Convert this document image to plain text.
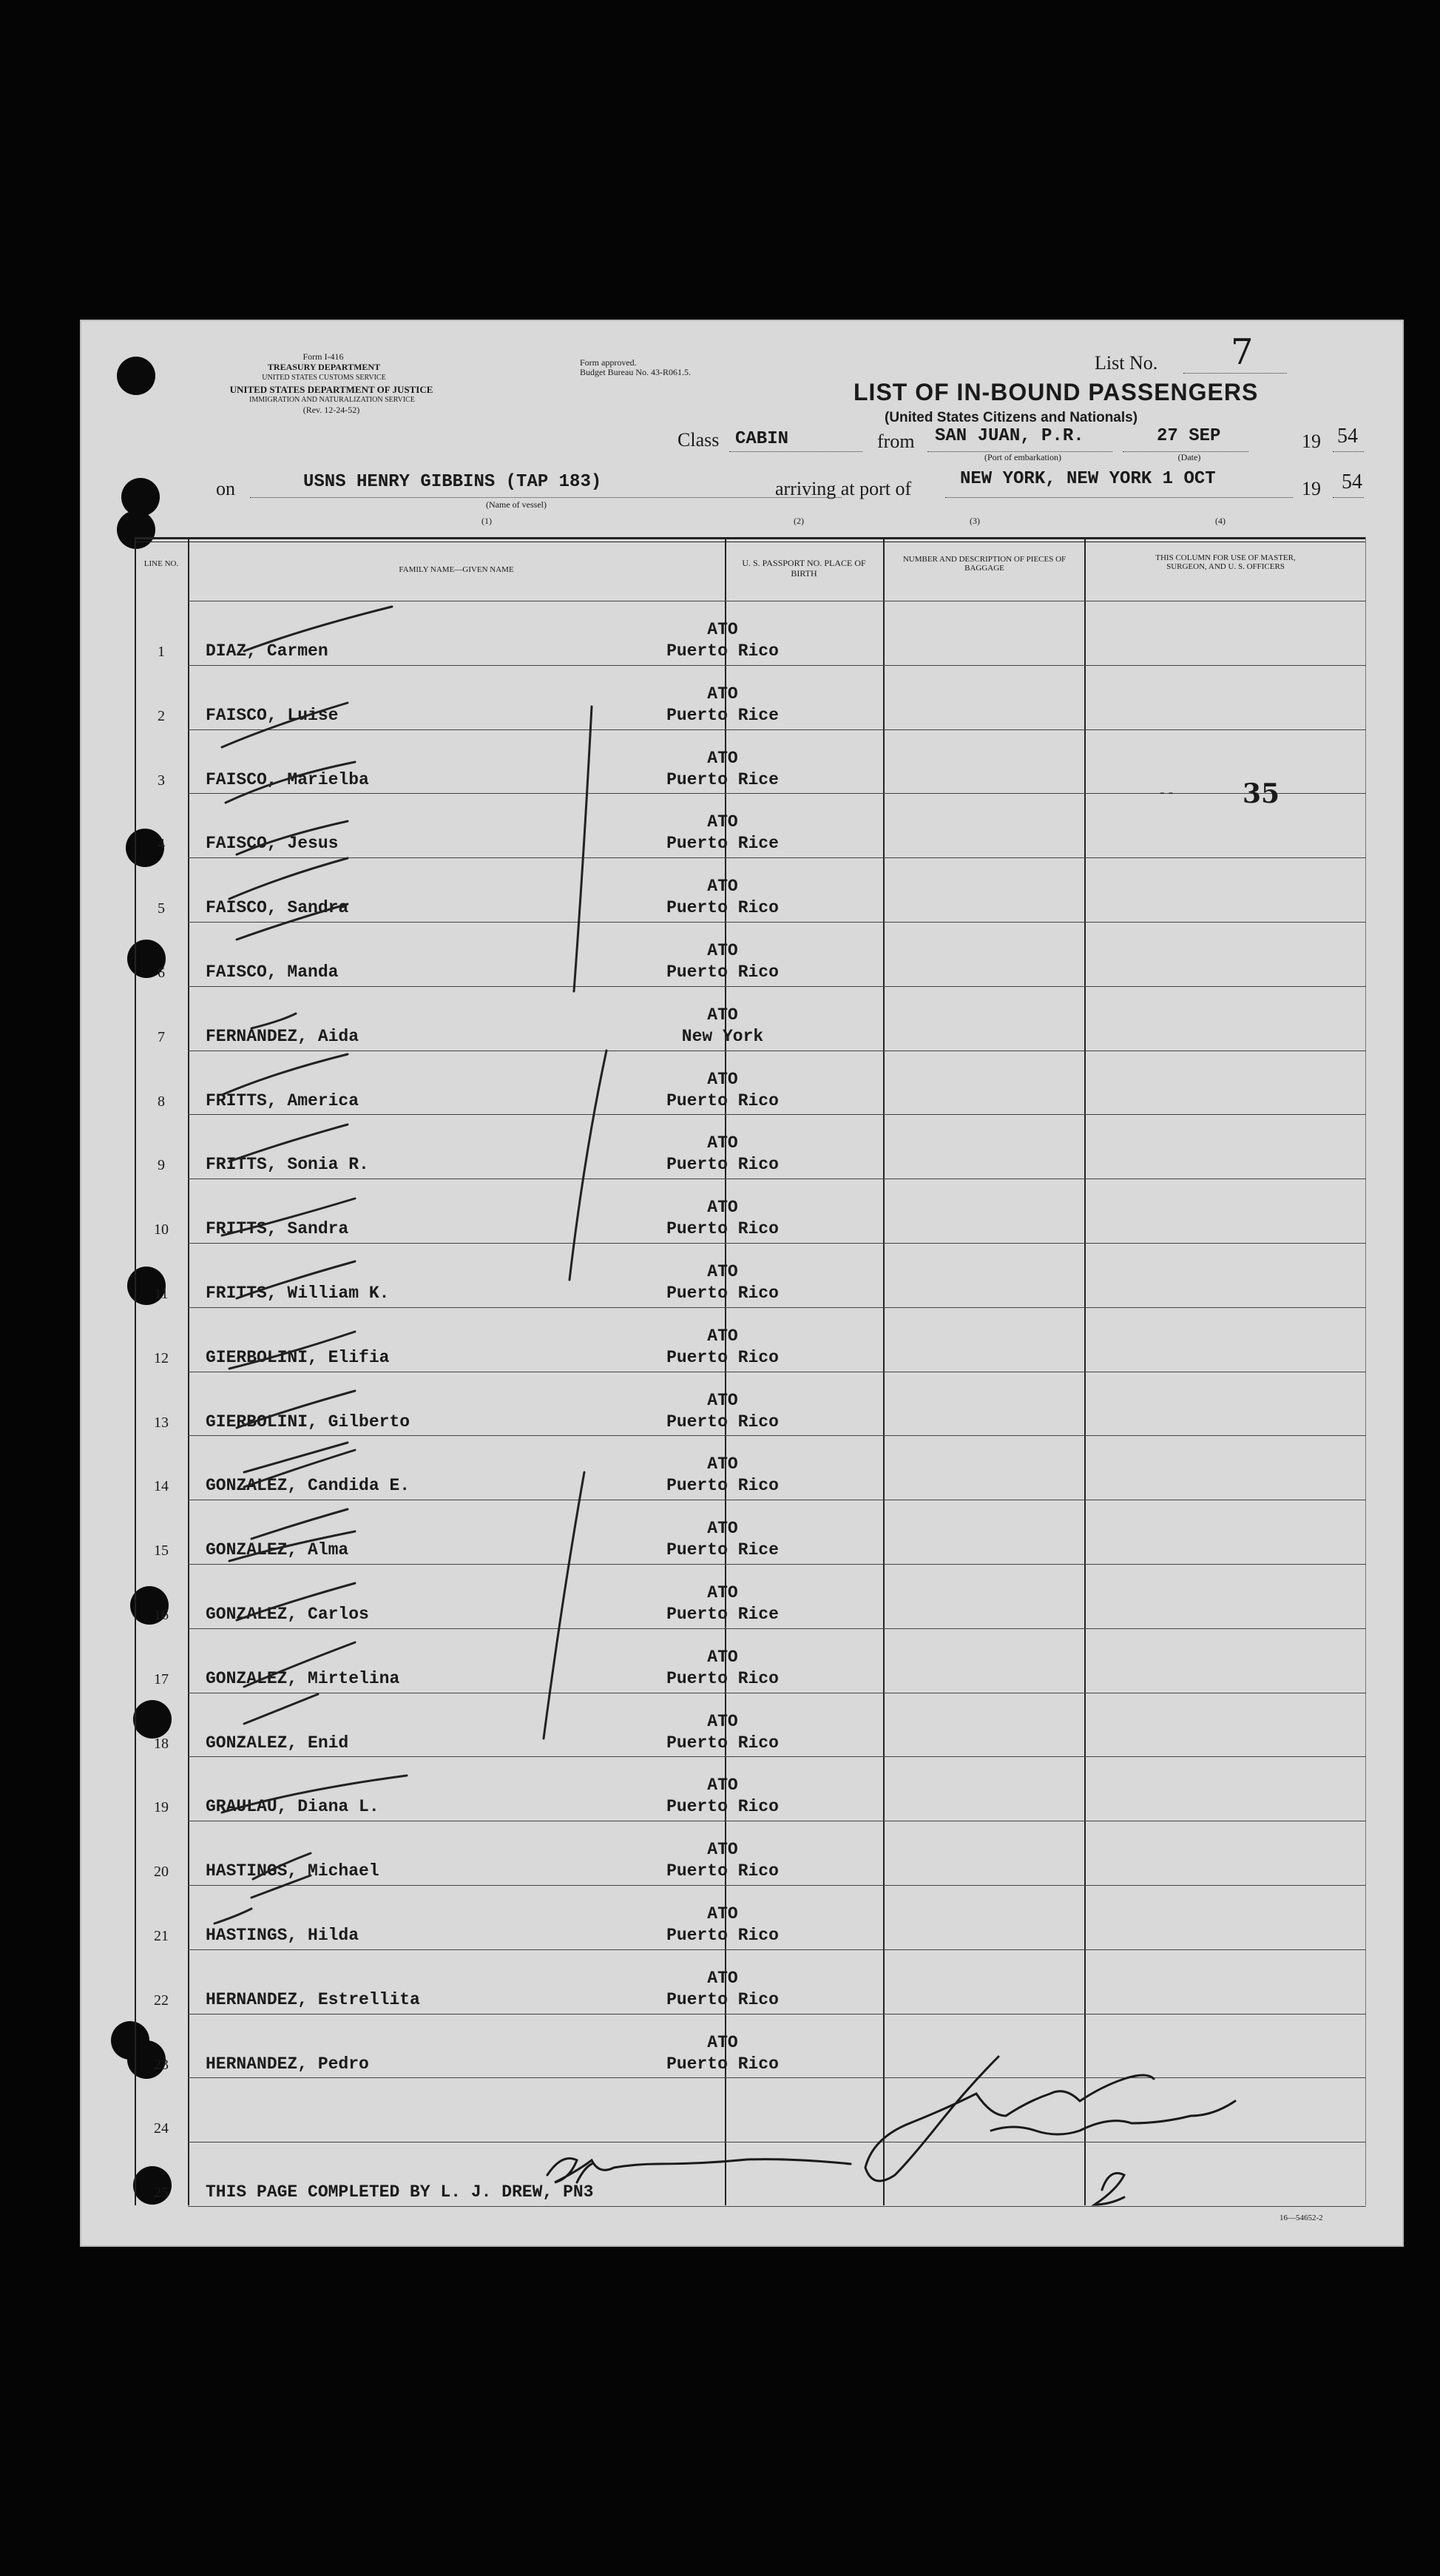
Form I-416
TREASURY DEPARTMENT
UNITED STATES CUSTOMS SERVICE
UNITED STATES DEPARTMENT OF JUSTICE
IMMIGRATION AND NATURALIZATION SERVICE
(Rev. 12-24-52)
Form approved.
Budget Bureau No. 43-R061.5.	List No. 7
LIST OF IN-BOUND PASSENGERS
(United States Citizens and Nationals)
Class CABIN	from SAN JUAN, P.R.
(Port of embarkation)
27 SEP
(Date)
19 54
on	USNS HENRY GIBBINS (TAP 183)
(Name of vessel)
arriving at port of	NEW YORK, NEW YORK 1 OCT	19 54
(1)	(2)	(3)	(4)
16—54652-2
LINE NO.
FAMILY NAME—GIVEN NAME
U. S. PASSPORT NO. PLACE OF BIRTH
NUMBER AND DESCRIPTION OF PIECES OF BAGGAGE
THIS COLUMN FOR USE OF MASTER, SURGEON, AND U. S. OFFICERS
1	DIAZ, Carmen
ATO
Puerto Rico
2	FAISCO, Luise
ATO
Puerto Rice
3	FAISCO, Marielba
ATO
Puerto Rice
4	FAISCO, Jesus
ATO
Puerto Rice
5	FAISCO, Sandra
ATO
Puerto Rico
6	FAISCO, Manda
ATO
Puerto Rico
7	FERNANDEZ, Aida
ATO
New York
8	FRITTS, America
ATO
Puerto Rico
9	FRITTS, Sonia R.
ATO
Puerto Rico
10	FRITTS, Sandra
ATO
Puerto Rico
11	FRITTS, William K.
ATO
Puerto Rico
12	GIERBOLINI, Elifia
ATO
Puerto Rico
13	GIERBOLINI, Gilberto
ATO
Puerto Rico
14	GONZALEZ, Candida E.
ATO
Puerto Rico
15	GONZALEZ, Alma
ATO
Puerto Rice
16	GONZALEZ, Carlos
ATO
Puerto Rice
17	GONZALEZ, Mirtelina
ATO
Puerto Rico
18	GONZALEZ, Enid
ATO
Puerto Rico
19	GRAULAU, Diana L.
ATO
Puerto Rico
20	HASTINGS, Michael
ATO
Puerto Rico
21	HASTINGS, Hilda
ATO
Puerto Rico
22	HERNANDEZ, Estrellita
ATO
Puerto Rico
23	HERNANDEZ, Pedro
ATO
Puerto Rico
24
25	THIS PAGE COMPLETED BY L. J. DREW, PN3
35
- -
